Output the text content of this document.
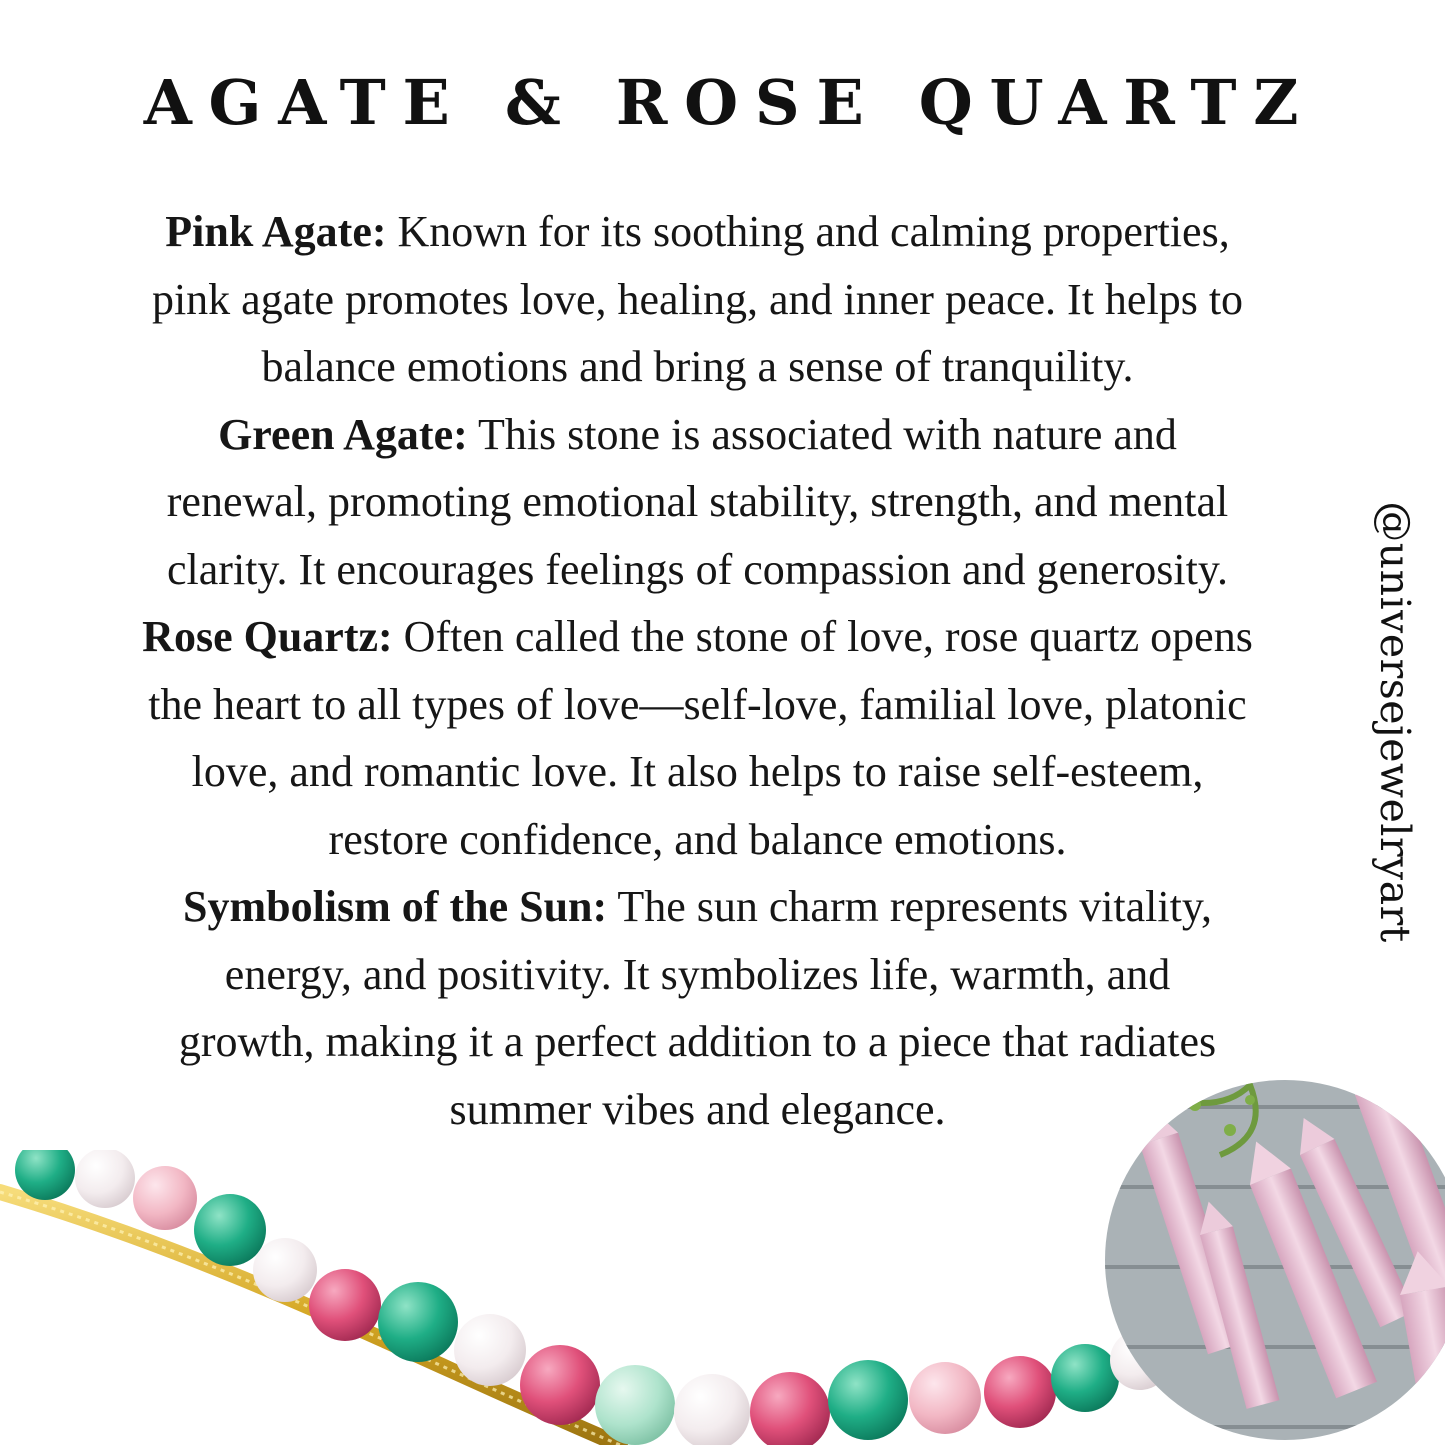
AGATE & ROSE QUARTZ
Pink Agate: Known for its soothing and calming properties,
pink agate promotes love, healing, and inner peace. It helps to
balance emotions and bring a sense of tranquility.
Green Agate: This stone is associated with nature and
renewal, promoting emotional stability, strength, and mental
clarity. It encourages feelings of compassion and generosity.
Rose Quartz: Often called the stone of love, rose quartz opens
the heart to all types of love—self-love, familial love, platonic
love, and romantic love. It also helps to raise self-esteem,
restore confidence, and balance emotions.
Symbolism of the Sun: The sun charm represents vitality,
energy, and positivity. It symbolizes life, warmth, and
growth, making it a perfect addition to a piece that radiates
summer vibes and elegance.
@universejewelryart
